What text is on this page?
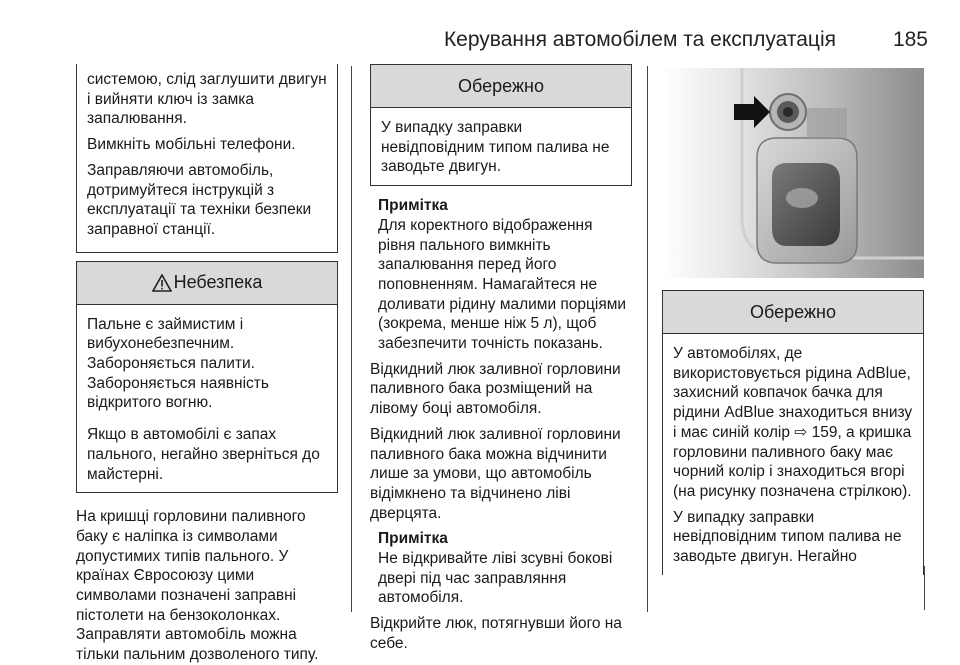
Керування автомобілем та експлуатація	185

системою, слід заглушити двигун і вийняти ключ із замка запалювання.

Вимкніть мобільні телефони.

Заправляючи автомобіль, дотримуйтеся інструкцій з експлуатації та техніки безпеки заправної станції.

Небезпека

Пальне є займистим і вибухонебезпечним. Забороняється палити. Забороняється наявність відкритого вогню.

Якщо в автомобілі є запах пального, негайно зверніться до майстерні.

На кришці горловини паливного баку є наліпка із символами допустимих типів пального. У країнах Євросоюзу цими символами позначені заправні пістолети на бензоколонках. Заправляти автомобіль можна тільки пальним дозволеного типу.

Обережно

У випадку заправки невідповідним типом палива не заводьте двигун.

Примітка

Для коректного відображення рівня пального вимкніть запалювання перед його поповненням. Намагайтеся не доливати рідину малими порціями (зокрема, менше ніж 5 л), щоб забезпечити точність показань.

Відкидний люк заливної горловини паливного бака розміщений на лівому боці автомобіля.

Відкидний люк заливної горловини паливного бака можна відчинити лише за умови, що автомобіль відімкнено та відчинено ліві дверцята.

Примітка

Не відкривайте ліві зсувні бокові двері під час заправляння автомобіля.

Відкрийте люк, потягнувши його на себе.

Обережно

У автомобілях, де використовується рідина AdBlue, захисний ковпачок бачка для рідини AdBlue знаходиться внизу і має синій колір ⇨ 159, а кришка горловини паливного баку має чорний колір і знаходиться вгорі (на рисунку позначена стрілкою).

У випадку заправки невідповідним типом палива не заводьте двигун. Негайно
